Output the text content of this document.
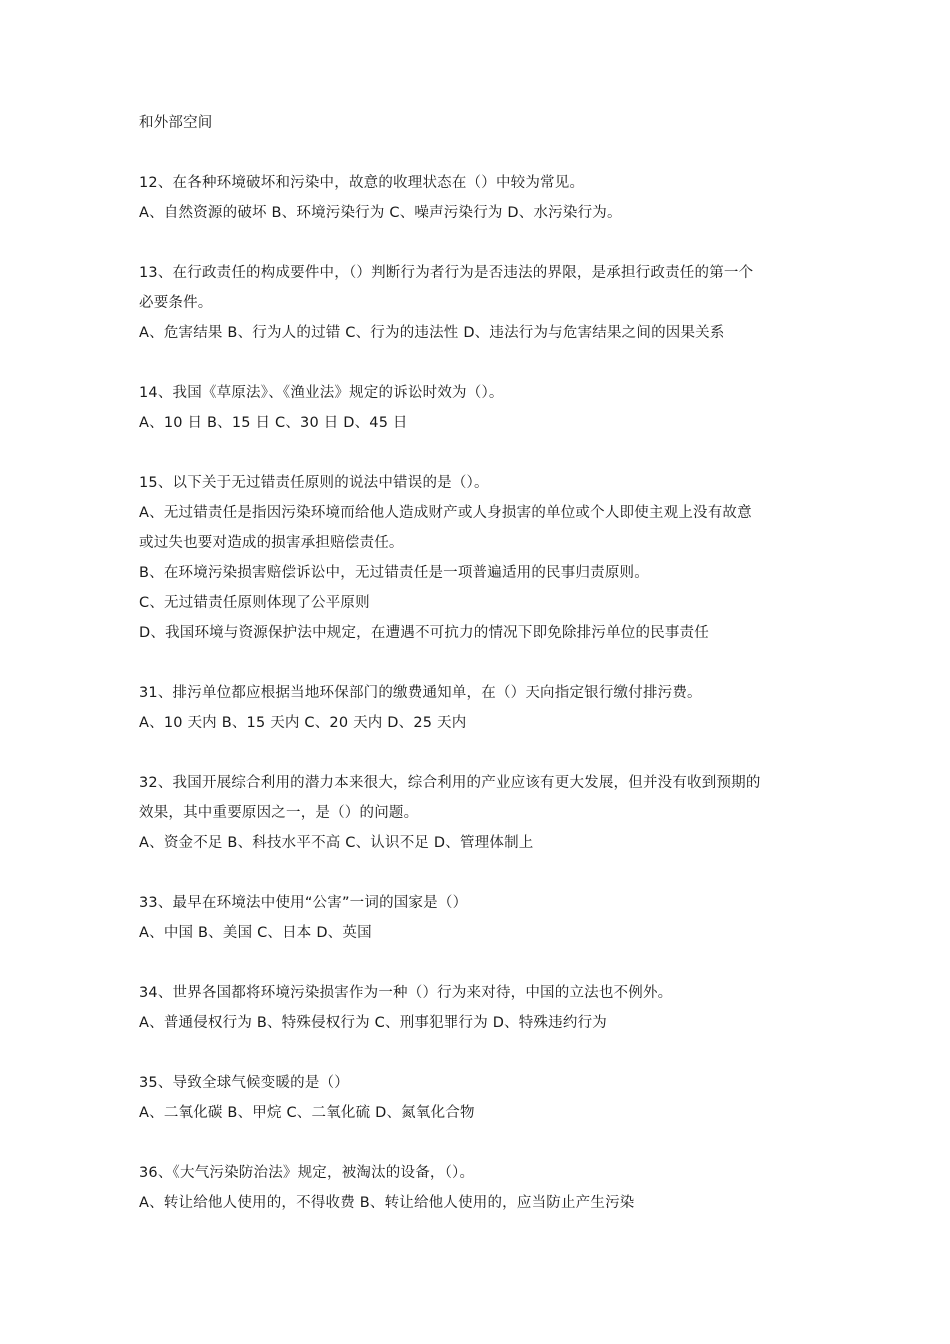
和外部空间
12、在各种环境破坏和污染中，故意的收理状态在（）中较为常见。
A、自然资源的破坏 B、环境污染行为 C、噪声污染行为 D、水污染行为。
13、在行政责任的构成要件中，（）判断行为者行为是否违法的界限，是承担行政责任的第一个
必要条件。
A、危害结果 B、行为人的过错 C、行为的违法性 D、违法行为与危害结果之间的因果关系
14、我国《草原法》、《渔业法》规定的诉讼时效为（）。
A、10 日 B、15 日 C、30 日 D、45 日
15、以下关于无过错责任原则的说法中错误的是（）。
A、无过错责任是指因污染环境而给他人造成财产或人身损害的单位或个人即使主观上没有故意
或过失也要对造成的损害承担赔偿责任。
B、在环境污染损害赔偿诉讼中，无过错责任是一项普遍适用的民事归责原则。
C、无过错责任原则体现了公平原则
D、我国环境与资源保护法中规定，在遭遇不可抗力的情况下即免除排污单位的民事责任
31、排污单位都应根据当地环保部门的缴费通知单，在（）天向指定银行缴付排污费。
A、10 天内 B、15 天内 C、20 天内 D、25 天内
32、我国开展综合利用的潜力本来很大，综合利用的产业应该有更大发展，但并没有收到预期的
效果，其中重要原因之一，是（）的问题。
A、资金不足 B、科技水平不高 C、认识不足 D、管理体制上
33、最早在环境法中使用“公害”一词的国家是（）
A、中国 B、美国 C、日本 D、英国
34、世界各国都将环境污染损害作为一种（）行为来对待，中国的立法也不例外。
A、普通侵权行为 B、特殊侵权行为 C、刑事犯罪行为 D、特殊违约行为
35、导致全球气候变暖的是（）
A、二氧化碳 B、甲烷 C、二氧化硫 D、氮氧化合物
36、《大气污染防治法》规定，被淘汰的设备，（）。
A、转让给他人使用的，不得收费 B、转让给他人使用的，应当防止产生污染
